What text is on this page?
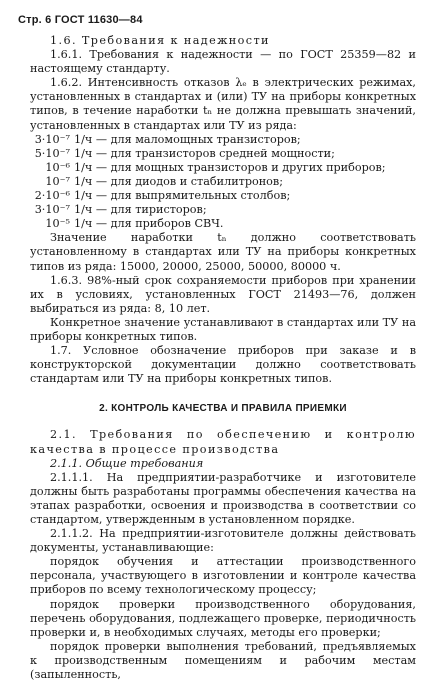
Стр. 6 ГОСТ 11630—84

1.6. Требования к надежности

1.6.1. Требования к надежности — по ГОСТ 25359—82 и настоящему стандарту.

1.6.2. Интенсивность отказов λₑ в электрических режимах, установленных в стандартах и (или) ТУ на приборы конкретных типов, в течение наработки tₙ не должна превышать значений, установленных в стандартах или ТУ из ряда:

3·10⁻⁷ 1/ч — для маломощных транзисторов;
5·10⁻⁷ 1/ч — для транзисторов средней мощности;
10⁻⁶ 1/ч — для мощных транзисторов и других приборов;
10⁻⁷ 1/ч — для диодов и стабилитронов;
2·10⁻⁶ 1/ч — для выпрямительных столбов;
3·10⁻⁷ 1/ч — для тиристоров;
10⁻⁵ 1/ч — для приборов СВЧ.

Значение наработки tₙ должно соответствовать установленному в стандартах или ТУ на приборы конкретных типов из ряда: 15000, 20000, 25000, 50000, 80000 ч.

1.6.3. 98%-ный срок сохраняемости приборов при хранении их в условиях, установленных ГОСТ 21493—76, должен выбираться из ряда: 8, 10 лет.

Конкретное значение устанавливают в стандартах или ТУ на приборы конкретных типов.

1.7. Условное обозначение приборов при заказе и в конструкторской документации должно соответствовать стандартам или ТУ на приборы конкретных типов.

2. КОНТРОЛЬ КАЧЕСТВА И ПРАВИЛА ПРИЕМКИ

2.1. Требования по обеспечению и контролю качества в процессе производства

2.1.1. Общие требования

2.1.1.1. На предприятии-разработчике и изготовителе должны быть разработаны программы обеспечения качества на этапах разработки, освоения и производства в соответствии со стандартом, утвержденным в установленном порядке.

2.1.1.2. На предприятии-изготовителе должны действовать документы, устанавливающие:

порядок обучения и аттестации производственного персонала, участвующего в изготовлении и контроле качества приборов по всему технологическому процессу;

порядок проверки производственного оборудования, перечень оборудования, подлежащего проверке, периодичность проверки и, в необходимых случаях, методы его проверки;

порядок проверки выполнения требований, предъявляемых к производственным помещениям и рабочим местам (запыленность,
